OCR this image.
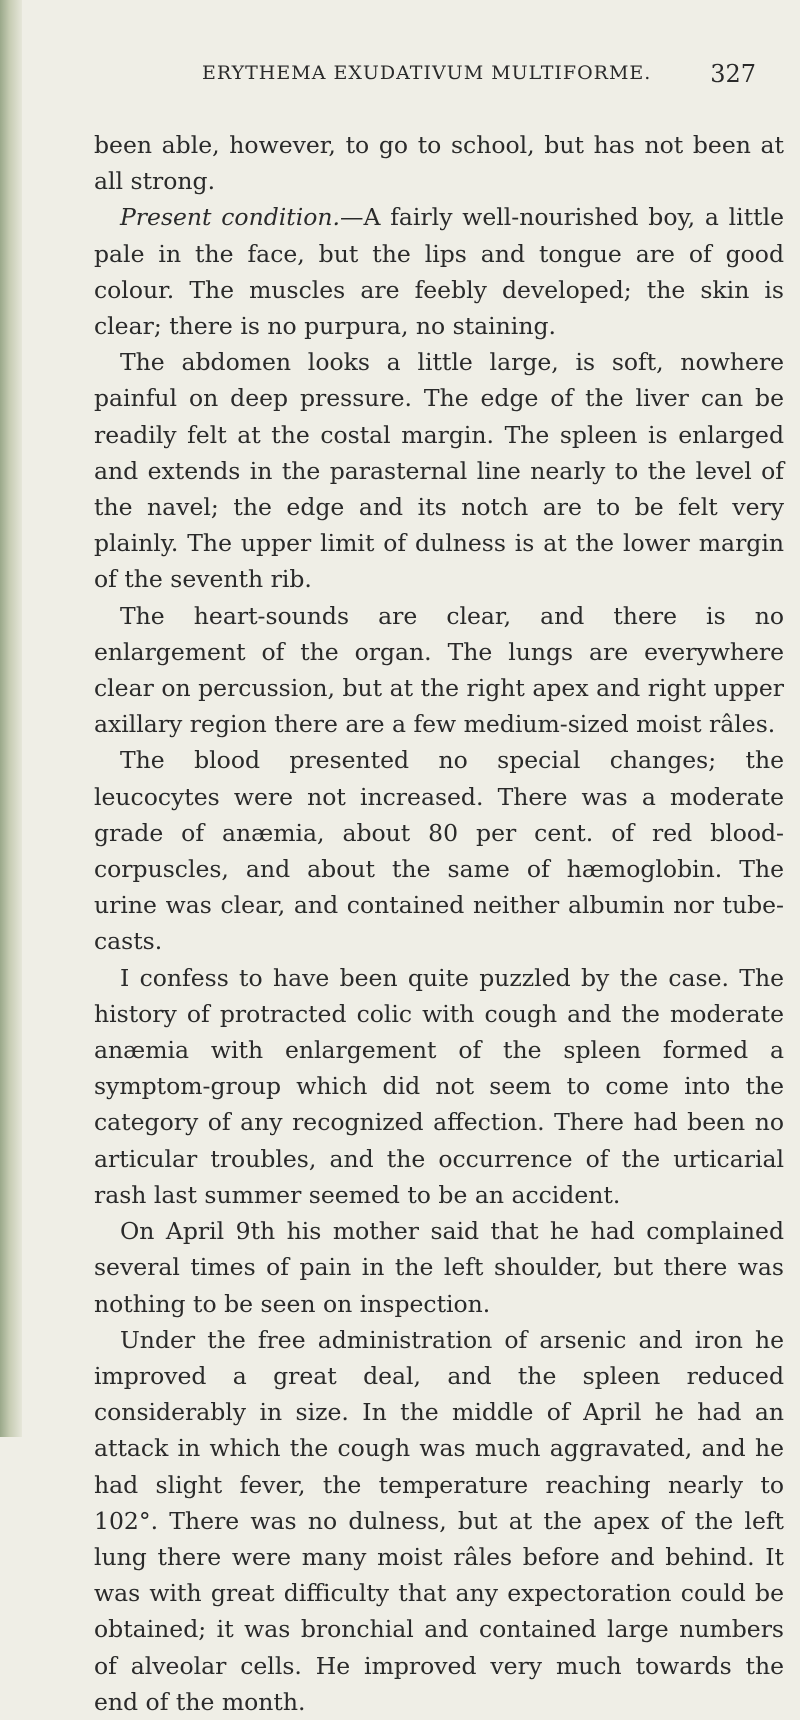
ERYTHEMA EXUDATIVUM MULTIFORME. 327

been able, however, to go to school, but has not been at all strong.

Present condition.—A fairly well-nourished boy, a little pale in the face, but the lips and tongue are of good colour. The muscles are feebly developed; the skin is clear; there is no purpura, no staining.

The abdomen looks a little large, is soft, nowhere painful on deep pressure. The edge of the liver can be readily felt at the costal margin. The spleen is enlarged and extends in the parasternal line nearly to the level of the navel; the edge and its notch are to be felt very plainly. The upper limit of dulness is at the lower margin of the seventh rib.

The heart-sounds are clear, and there is no enlargement of the organ. The lungs are everywhere clear on percussion, but at the right apex and right upper axillary region there are a few medium-sized moist râles.

The blood presented no special changes; the leucocytes were not increased. There was a moderate grade of anæmia, about 80 per cent. of red blood-corpuscles, and about the same of hæmoglobin. The urine was clear, and contained neither albumin nor tube-casts.

I confess to have been quite puzzled by the case. The history of protracted colic with cough and the moderate anæmia with enlargement of the spleen formed a symptom-group which did not seem to come into the category of any recognized affection. There had been no articular troubles, and the occurrence of the urticarial rash last summer seemed to be an accident.

On April 9th his mother said that he had complained several times of pain in the left shoulder, but there was nothing to be seen on inspection.

Under the free administration of arsenic and iron he improved a great deal, and the spleen reduced considerably in size. In the middle of April he had an attack in which the cough was much aggravated, and he had slight fever, the temperature reaching nearly to 102°. There was no dulness, but at the apex of the left lung there were many moist râles before and behind. It was with great difficulty that any expectoration could be obtained; it was bronchial and contained large numbers of alveolar cells. He improved very much towards the end of the month.
